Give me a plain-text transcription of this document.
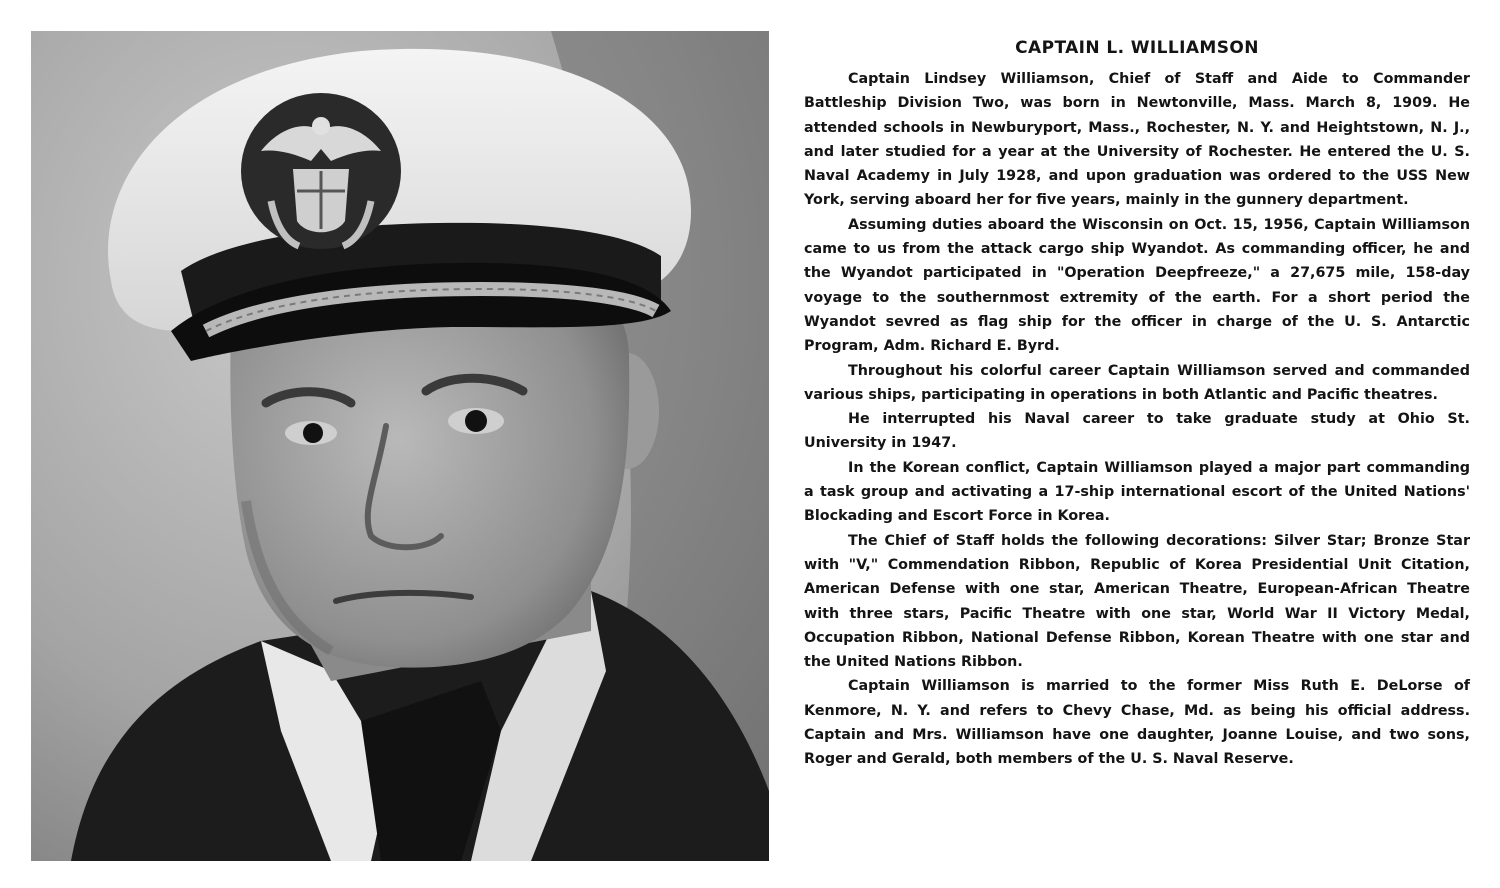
CAPTAIN L. WILLIAMSON

Captain Lindsey Williamson, Chief of Staff and Aide to Commander Battleship Division Two, was born in Newtonville, Mass. March 8, 1909. He attended schools in Newburyport, Mass., Rochester, N. Y. and Heightstown, N. J., and later studied for a year at the University of Rochester. He entered the U. S. Naval Academy in July 1928, and upon graduation was ordered to the USS New York, serving aboard her for five years, mainly in the gunnery department.

Assuming duties aboard the Wisconsin on Oct. 15, 1956, Captain Williamson came to us from the attack cargo ship Wyandot. As commanding officer, he and the Wyandot participated in "Operation Deepfreeze," a 27,675 mile, 158-day voyage to the southernmost extremity of the earth. For a short period the Wyandot sevred as flag ship for the officer in charge of the U. S. Antarctic Program, Adm. Richard E. Byrd.

Throughout his colorful career Captain Williamson served and commanded various ships, participating in operations in both Atlantic and Pacific theatres.

He interrupted his Naval career to take graduate study at Ohio St. University in 1947.

In the Korean conflict, Captain Williamson played a major part commanding a task group and activating a 17-ship international escort of the United Nations' Blockading and Escort Force in Korea.

The Chief of Staff holds the following decorations: Silver Star; Bronze Star with "V," Commendation Ribbon, Republic of Korea Presidential Unit Citation, American Defense with one star, American Theatre, European-African Theatre with three stars, Pacific Theatre with one star, World War II Victory Medal, Occupation Ribbon, National Defense Ribbon, Korean Theatre with one star and the United Nations Ribbon.

Captain Williamson is married to the former Miss Ruth E. DeLorse of Kenmore, N. Y. and refers to Chevy Chase, Md. as being his official address. Captain and Mrs. Williamson have one daughter, Joanne Louise, and two sons, Roger and Gerald, both members of the U. S. Naval Reserve.
